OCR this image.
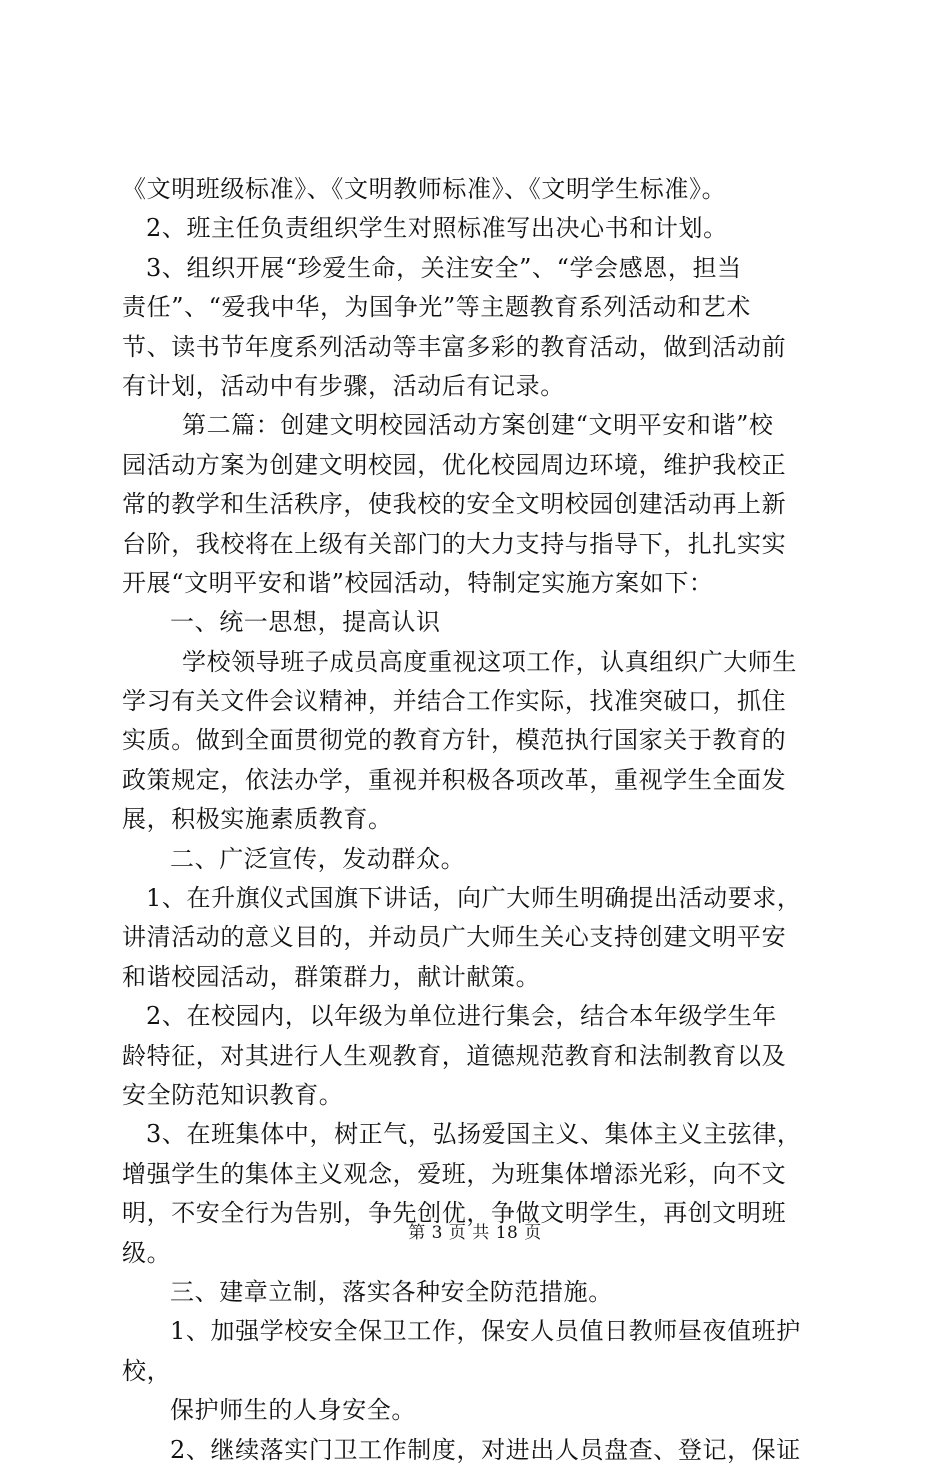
《文明班级标准》、《文明教师标准》、《文明学生标准》。
2、班主任负责组织学生对照标准写出决心书和计划。
3、组织开展“珍爱生命，关注安全”、“学会感恩，担当
责任”、“爱我中华，为国争光”等主题教育系列活动和艺术
节、读书节年度系列活动等丰富多彩的教育活动，做到活动前
有计划，活动中有步骤，活动后有记录。
第二篇：创建文明校园活动方案创建“文明平安和谐”校
园活动方案为创建文明校园，优化校园周边环境，维护我校正
常的教学和生活秩序，使我校的安全文明校园创建活动再上新
台阶，我校将在上级有关部门的大力支持与指导下，扎扎实实
开展“文明平安和谐”校园活动，特制定实施方案如下：
一、统一思想，提高认识
学校领导班子成员高度重视这项工作，认真组织广大师生
学习有关文件会议精神，并结合工作实际，找准突破口，抓住
实质。做到全面贯彻党的教育方针，模范执行国家关于教育的
政策规定，依法办学，重视并积极各项改革，重视学生全面发
展，积极实施素质教育。
二、广泛宣传，发动群众。
1、在升旗仪式国旗下讲话，向广大师生明确提出活动要求，
讲清活动的意义目的，并动员广大师生关心支持创建文明平安
和谐校园活动，群策群力，献计献策。
2、在校园内，以年级为单位进行集会，结合本年级学生年
龄特征，对其进行人生观教育，道德规范教育和法制教育以及
安全防范知识教育。
3、在班集体中，树正气，弘扬爱国主义、集体主义主弦律，
增强学生的集体主义观念，爱班，为班集体增添光彩，向不文
明，不安全行为告别，争先创优，争做文明学生，再创文明班
级。
三、建章立制，落实各种安全防范措施。
1、加强学校安全保卫工作，保安人员值日教师昼夜值班护
校，
保护师生的人身安全。
2、继续落实门卫工作制度，对进出人员盘查、登记，保证
第 3 页 共 18 页
